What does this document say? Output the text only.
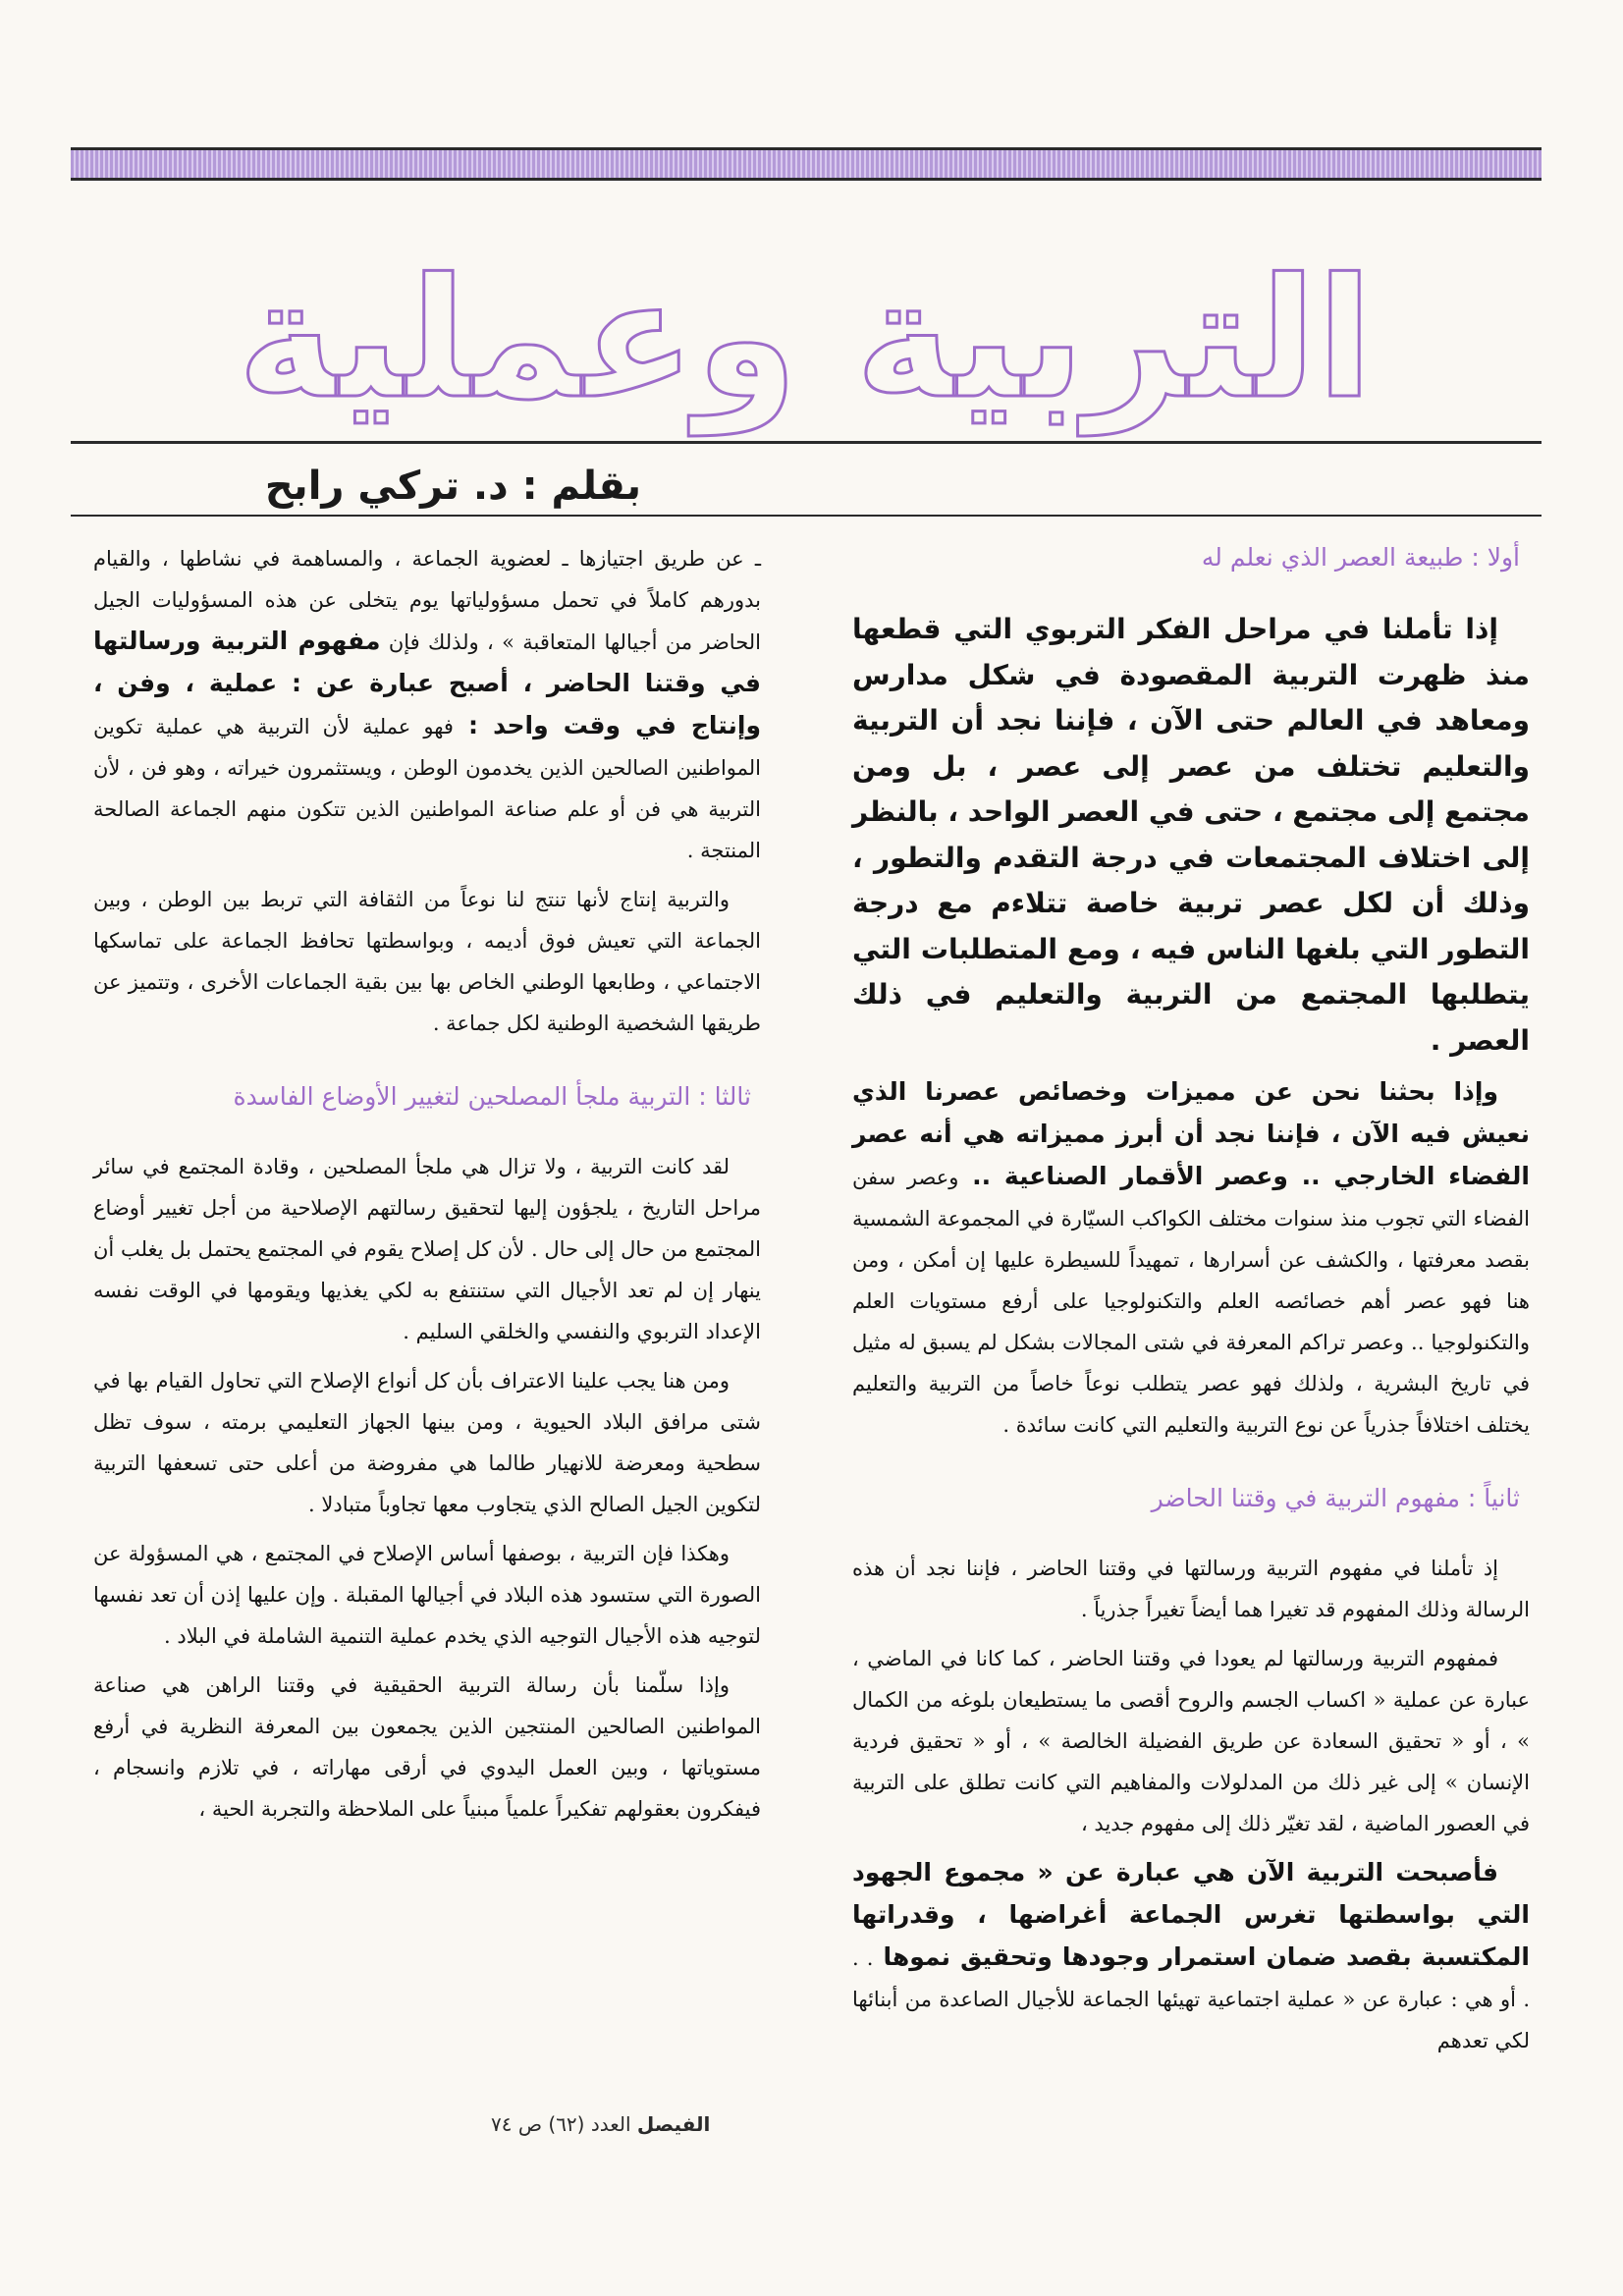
التربية وعملية
بقلم : د. تركي رابح
أولا : طبيعة العصر الذي نعلم له

إذا تأملنا في مراحل الفكر التربوي التي قطعها منذ ظهرت التربية المقصودة في شكل مدارس ومعاهد في العالم حتى الآن ، فإننا نجد أن التربية والتعليم تختلف من عصر إلى عصر ، بل ومن مجتمع إلى مجتمع ، حتى في العصر الواحد ، بالنظر إلى اختلاف المجتمعات في درجة التقدم والتطور ، وذلك أن لكل عصر تربية خاصة تتلاءم مع درجة التطور التي بلغها الناس فيه ، ومع المتطلبات التي يتطلبها المجتمع من التربية والتعليم في ذلك العصر .

وإذا بحثنا نحن عن مميزات وخصائص عصرنا الذي نعيش فيه الآن ، فإننا نجد أن أبرز مميزاته هي أنه عصر الفضاء الخارجي .. وعصر الأقمار الصناعية .. وعصر سفن الفضاء التي تجوب منذ سنوات مختلف الكواكب السيّارة في المجموعة الشمسية بقصد معرفتها ، والكشف عن أسرارها ، تمهيداً للسيطرة عليها إن أمكن ، ومن هنا فهو عصر أهم خصائصه العلم والتكنولوجيا على أرفع مستويات العلم والتكنولوجيا .. وعصر تراكم المعرفة في شتى المجالات بشكل لم يسبق له مثيل في تاريخ البشرية ، ولذلك فهو عصر يتطلب نوعاً خاصاً من التربية والتعليم يختلف اختلافاً جذرياً عن نوع التربية والتعليم التي كانت سائدة .

ثانياً : مفهوم التربية في وقتنا الحاضر

إذ تأملنا في مفهوم التربية ورسالتها في وقتنا الحاضر ، فإننا نجد أن هذه الرسالة وذلك المفهوم قد تغيرا هما أيضاً تغيراً جذرياً .

فمفهوم التربية ورسالتها لم يعودا في وقتنا الحاضر ، كما كانا في الماضي ، عبارة عن عملية « اكساب الجسم والروح أقصى ما يستطيعان بلوغه من الكمال » ، أو « تحقيق السعادة عن طريق الفضيلة الخالصة » ، أو « تحقيق فردية الإنسان » إلى غير ذلك من المدلولات والمفاهيم التي كانت تطلق على التربية في العصور الماضية ، لقد تغيّر ذلك إلى مفهوم جديد ،

فأصبحت التربية الآن هي عبارة عن « مجموع الجهود التي بواسطتها تغرس الجماعة أغراضها ، وقدراتها المكتسبة بقصد ضمان استمرار وجودها وتحقيق نموها . . . أو هي : عبارة عن « عملية اجتماعية تهيئها الجماعة للأجيال الصاعدة من أبنائها لكي تعدهم

ـ عن طريق اجتيازها ـ لعضوية الجماعة ، والمساهمة في نشاطها ، والقيام بدورهم كاملاً في تحمل مسؤولياتها يوم يتخلى عن هذه المسؤوليات الجيل الحاضر من أجيالها المتعاقبة » ، ولذلك فإن مفهوم التربية ورسالتها في وقتنا الحاضر ، أصبح عبارة عن : عملية ، وفن ، وإنتاج في وقت واحد : فهو عملية لأن التربية هي عملية تكوين المواطنين الصالحين الذين يخدمون الوطن ، ويستثمرون خيراته ، وهو فن ، لأن التربية هي فن أو علم صناعة المواطنين الذين تتكون منهم الجماعة الصالحة المنتجة .

والتربية إنتاج لأنها تنتج لنا نوعاً من الثقافة التي تربط بين الوطن ، وبين الجماعة التي تعيش فوق أديمه ، وبواسطتها تحافظ الجماعة على تماسكها الاجتماعي ، وطابعها الوطني الخاص بها بين بقية الجماعات الأخرى ، وتتميز عن طريقها الشخصية الوطنية لكل جماعة .

ثالثا : التربية ملجأ المصلحين لتغيير الأوضاع الفاسدة

لقد كانت التربية ، ولا تزال هي ملجأ المصلحين ، وقادة المجتمع في سائر مراحل التاريخ ، يلجؤون إليها لتحقيق رسالتهم الإصلاحية من أجل تغيير أوضاع المجتمع من حال إلى حال . لأن كل إصلاح يقوم في المجتمع يحتمل بل يغلب أن ينهار إن لم تعد الأجيال التي ستنتفع به لكي يغذيها ويقومها في الوقت نفسه الإعداد التربوي والنفسي والخلقي السليم .

ومن هنا يجب علينا الاعتراف بأن كل أنواع الإصلاح التي تحاول القيام بها في شتى مرافق البلاد الحيوية ، ومن بينها الجهاز التعليمي برمته ، سوف تظل سطحية ومعرضة للانهيار طالما هي مفروضة من أعلى حتى تسعفها التربية لتكوين الجيل الصالح الذي يتجاوب معها تجاوباً متبادلا .

وهكذا فإن التربية ، بوصفها أساس الإصلاح في المجتمع ، هي المسؤولة عن الصورة التي ستسود هذه البلاد في أجيالها المقبلة . وإن عليها إذن أن تعد نفسها لتوجيه هذه الأجيال التوجيه الذي يخدم عملية التنمية الشاملة في البلاد .

وإذا سلّمنا بأن رسالة التربية الحقيقية في وقتنا الراهن هي صناعة المواطنين الصالحين المنتجين الذين يجمعون بين المعرفة النظرية في أرفع مستوياتها ، وبين العمل اليدوي في أرقى مهاراته ، في تلازم وانسجام ، فيفكرون بعقولهم تفكيراً علمياً مبنياً على الملاحظة والتجربة الحية ،

الفيصل العدد (٦٢) ص ٧٤
